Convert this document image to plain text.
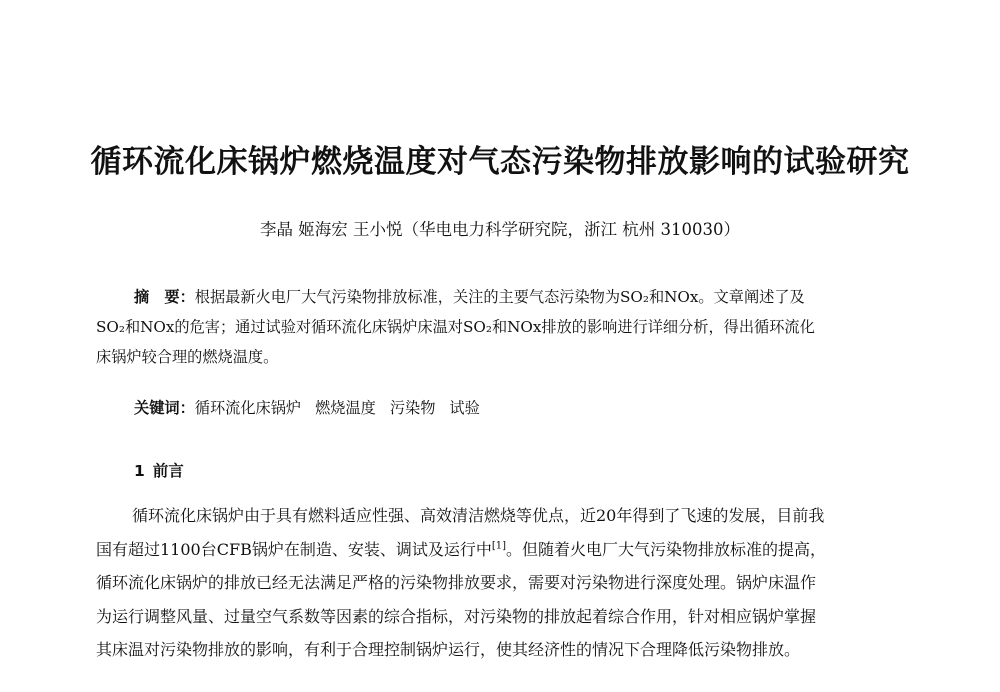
循环流化床锅炉燃烧温度对气态污染物排放影响的试验研究
李晶 姬海宏 王小悦（华电电力科学研究院，浙江 杭州 310030）
摘　要：根据最新火电厂大气污染物排放标准，关注的主要气态污染物为SO₂和NOx。文章阐述了及
SO₂和NOx的危害；通过试验对循环流化床锅炉床温对SO₂和NOx排放的影响进行详细分析，得出循环流化
床锅炉较合理的燃烧温度。
关键词：循环流化床锅炉 燃烧温度 污染物 试验
1 前言
循环流化床锅炉由于具有燃料适应性强、高效清洁燃烧等优点，近20年得到了飞速的发展，目前我
国有超过1100台CFB锅炉在制造、安装、调试及运行中[1]。但随着火电厂大气污染物排放标准的提高，
循环流化床锅炉的排放已经无法满足严格的污染物排放要求，需要对污染物进行深度处理。锅炉床温作
为运行调整风量、过量空气系数等因素的综合指标，对污染物的排放起着综合作用，针对相应锅炉掌握
其床温对污染物排放的影响，有利于合理控制锅炉运行，使其经济性的情况下合理降低污染物排放。
